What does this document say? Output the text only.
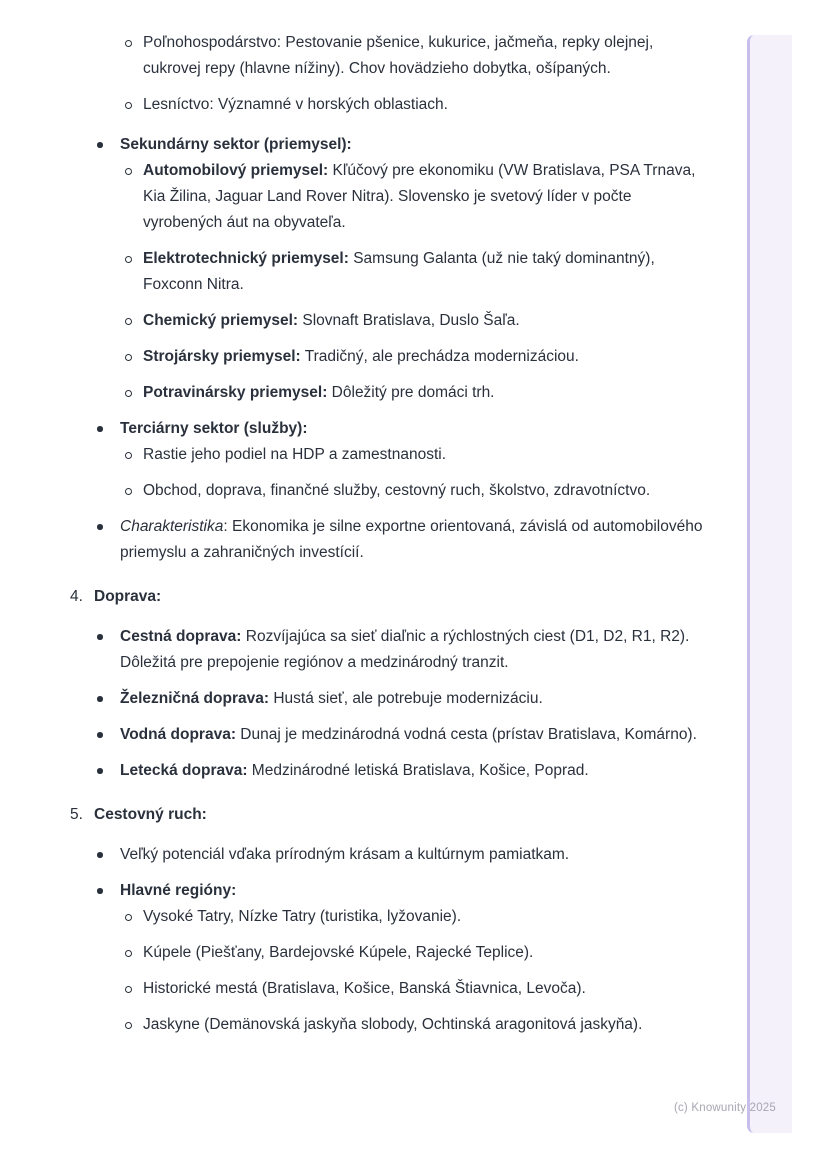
Poľnohospodárstvo: Pestovanie pšenice, kukurice, jačmeňa, repky olejnej, cukrovej repy (hlavne nížiny). Chov hovädzieho dobytka, ošípaných.
Lesníctvo: Významné v horských oblastiach.
Sekundárny sektor (priemysel):
Automobilový priemysel: Kľúčový pre ekonomiku (VW Bratislava, PSA Trnava, Kia Žilina, Jaguar Land Rover Nitra). Slovensko je svetový líder v počte vyrobených áut na obyvateľa.
Elektrotechnický priemysel: Samsung Galanta (už nie taký dominantný), Foxconn Nitra.
Chemický priemysel: Slovnaft Bratislava, Duslo Šaľa.
Strojársky priemysel: Tradičný, ale prechádza modernizáciou.
Potravinársky priemysel: Dôležitý pre domáci trh.
Terciárny sektor (služby):
Rastie jeho podiel na HDP a zamestnanosti.
Obchod, doprava, finančné služby, cestovný ruch, školstvo, zdravotníctvo.
Charakteristika: Ekonomika je silne exportne orientovaná, závislá od automobilového priemyslu a zahraničných investícií.
4. Doprava:
Cestná doprava: Rozvíjajúca sa sieť diaľnic a rýchlostných ciest (D1, D2, R1, R2). Dôležitá pre prepojenie regiónov a medzinárodný tranzit.
Železničná doprava: Hustá sieť, ale potrebuje modernizáciu.
Vodná doprava: Dunaj je medzinárodná vodná cesta (prístav Bratislava, Komárno).
Letecká doprava: Medzinárodné letiská Bratislava, Košice, Poprad.
5. Cestovný ruch:
Veľký potenciál vďaka prírodným krásam a kultúrnym pamiatkam.
Hlavné regióny:
Vysoké Tatry, Nízke Tatry (turistika, lyžovanie).
Kúpele (Piešťany, Bardejovské Kúpele, Rajecké Teplice).
Historické mestá (Bratislava, Košice, Banská Štiavnica, Levoča).
Jaskyne (Demänovská jaskyňa slobody, Ochtinská aragonitová jaskyňa).
(c) Knowunity 2025
